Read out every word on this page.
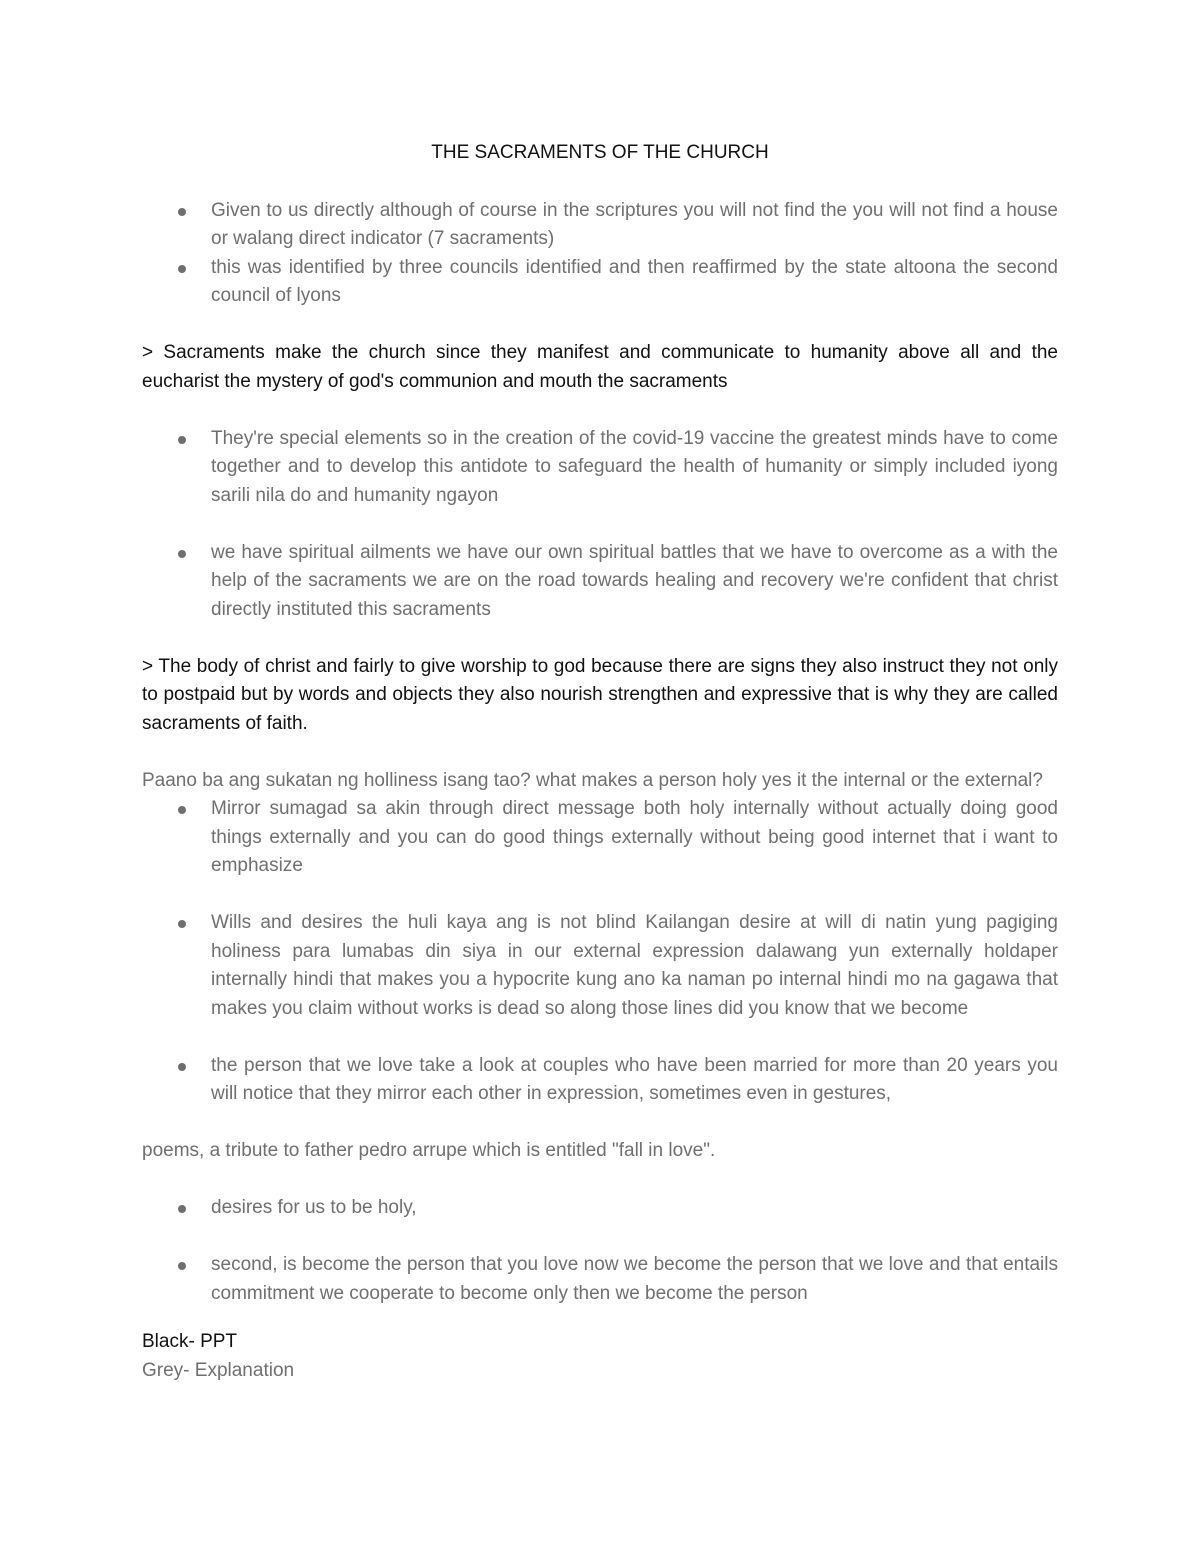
THE SACRAMENTS OF THE CHURCH
Given to us directly although of course in the scriptures you will not find the you will not find a house or walang direct indicator (7 sacraments)
this was identified by three councils identified and then reaffirmed by the state altoona the second council of lyons

> Sacraments make the church since they manifest and communicate to humanity above all and the eucharist the mystery of god's communion and mouth the sacraments

They're special elements so in the creation of the covid-19 vaccine the greatest minds have to come together and to develop this antidote to safeguard the health of humanity or simply included iyong sarili nila do and humanity ngayon
we have spiritual ailments we have our own spiritual battles that we have to overcome as a with the help of the sacraments we are on the road towards healing and recovery we're confident that christ directly instituted this sacraments

> The body of christ and fairly to give worship to god because there are signs they also instruct they not only to postpaid but by words and objects they also nourish strengthen and expressive that is why they are called sacraments of faith.

Paano ba ang sukatan ng holliness isang tao? what makes a person holy yes it the internal or the external?

Mirror sumagad sa akin through direct message both holy internally without actually doing good things externally and you can do good things externally without being good internet that i want to emphasize
Wills and desires the huli kaya ang is not blind Kailangan desire at will di natin yung pagiging holiness para lumabas din siya in our external expression dalawang yun externally holdaper internally hindi that makes you a hypocrite kung ano ka naman po internal hindi mo na gagawa that makes you claim without works is dead so along those lines did you know that we become
the person that we love take a look at couples who have been married for more than 20 years you will notice that they mirror each other in expression, sometimes even in gestures,

poems, a tribute to father pedro arrupe which is entitled "fall in love".

desires for us to be holy,
second, is become the person that you love now we become the person that we love and that entails commitment we cooperate to become only then we become the person
Black- PPT
Grey- Explanation
